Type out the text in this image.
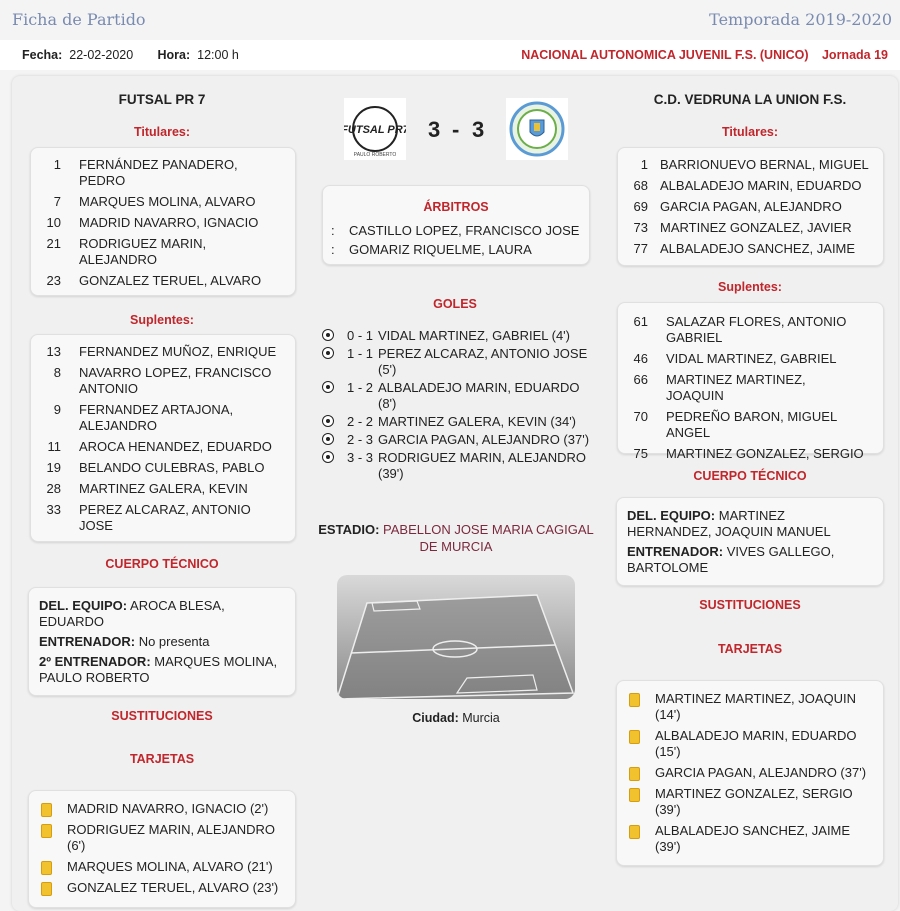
Ficha de Partido	Temporada 2019-2020
Fecha: 22-02-2020 Hora: 12:00 h	NACIONAL AUTONOMICA JUVENIL F.S. (UNICO) Jornada 19
FUTSAL PR 7
Titulares:
1	FERNÁNDEZ PANADERO, PEDRO
7	MARQUES MOLINA, ALVARO
10	MADRID NAVARRO, IGNACIO
21	RODRIGUEZ MARIN, ALEJANDRO
23	GONZALEZ TERUEL, ALVARO
Suplentes:
13	FERNANDEZ MUÑOZ, ENRIQUE
8	NAVARRO LOPEZ, FRANCISCO ANTONIO
9	FERNANDEZ ARTAJONA, ALEJANDRO
11	AROCA HENANDEZ, EDUARDO
19	BELANDO CULEBRAS, PABLO
28	MARTINEZ GALERA, KEVIN
33	PEREZ ALCARAZ, ANTONIO JOSE
CUERPO TÉCNICO

DEL. EQUIPO: AROCA BLESA, EDUARDO

ENTRENADOR: No presenta

2º ENTRENADOR: MARQUES MOLINA, PAULO ROBERTO

SUSTITUCIONES
TARJETAS
MADRID NAVARRO, IGNACIO (2')
RODRIGUEZ MARIN, ALEJANDRO (6')
MARQUES MOLINA, ALVARO (21')
GONZALEZ TERUEL, ALVARO (23')
FUTSAL PR7
PAULO ROBERTO
3 - 3
ÁRBITROS
: CASTILLO LOPEZ, FRANCISCO JOSE
: GOMARIZ RIQUELME, LAURA
GOLES
0 - 1 VIDAL MARTINEZ, GABRIEL (4')
1 - 1 PEREZ ALCARAZ, ANTONIO JOSE (5')
1 - 2 ALBALADEJO MARIN, EDUARDO (8')
2 - 2 MARTINEZ GALERA, KEVIN (34')
2 - 3 GARCIA PAGAN, ALEJANDRO (37')
3 - 3 RODRIGUEZ MARIN, ALEJANDRO (39')
ESTADIO: PABELLON JOSE MARIA CAGIGAL DE MURCIA
Ciudad: Murcia
C.D. VEDRUNA LA UNION F.S.
Titulares:
1 BARRIONUEVO BERNAL, MIGUEL
68 ALBALADEJO MARIN, EDUARDO
69 GARCIA PAGAN, ALEJANDRO
73 MARTINEZ GONZALEZ, JAVIER
77 ALBALADEJO SANCHEZ, JAIME
Suplentes:
61	SALAZAR FLORES, ANTONIO GABRIEL
46	VIDAL MARTINEZ, GABRIEL
66	MARTINEZ MARTINEZ, JOAQUIN
70	PEDREÑO BARON, MIGUEL ANGEL
75	MARTINEZ GONZALEZ, SERGIO
CUERPO TÉCNICO

DEL. EQUIPO: MARTINEZ HERNANDEZ, JOAQUIN MANUEL

ENTRENADOR: VIVES GALLEGO, BARTOLOME

SUSTITUCIONES
TARJETAS
MARTINEZ MARTINEZ, JOAQUIN (14')
ALBALADEJO MARIN, EDUARDO (15')
GARCIA PAGAN, ALEJANDRO (37')
MARTINEZ GONZALEZ, SERGIO (39')
ALBALADEJO SANCHEZ, JAIME (39')
